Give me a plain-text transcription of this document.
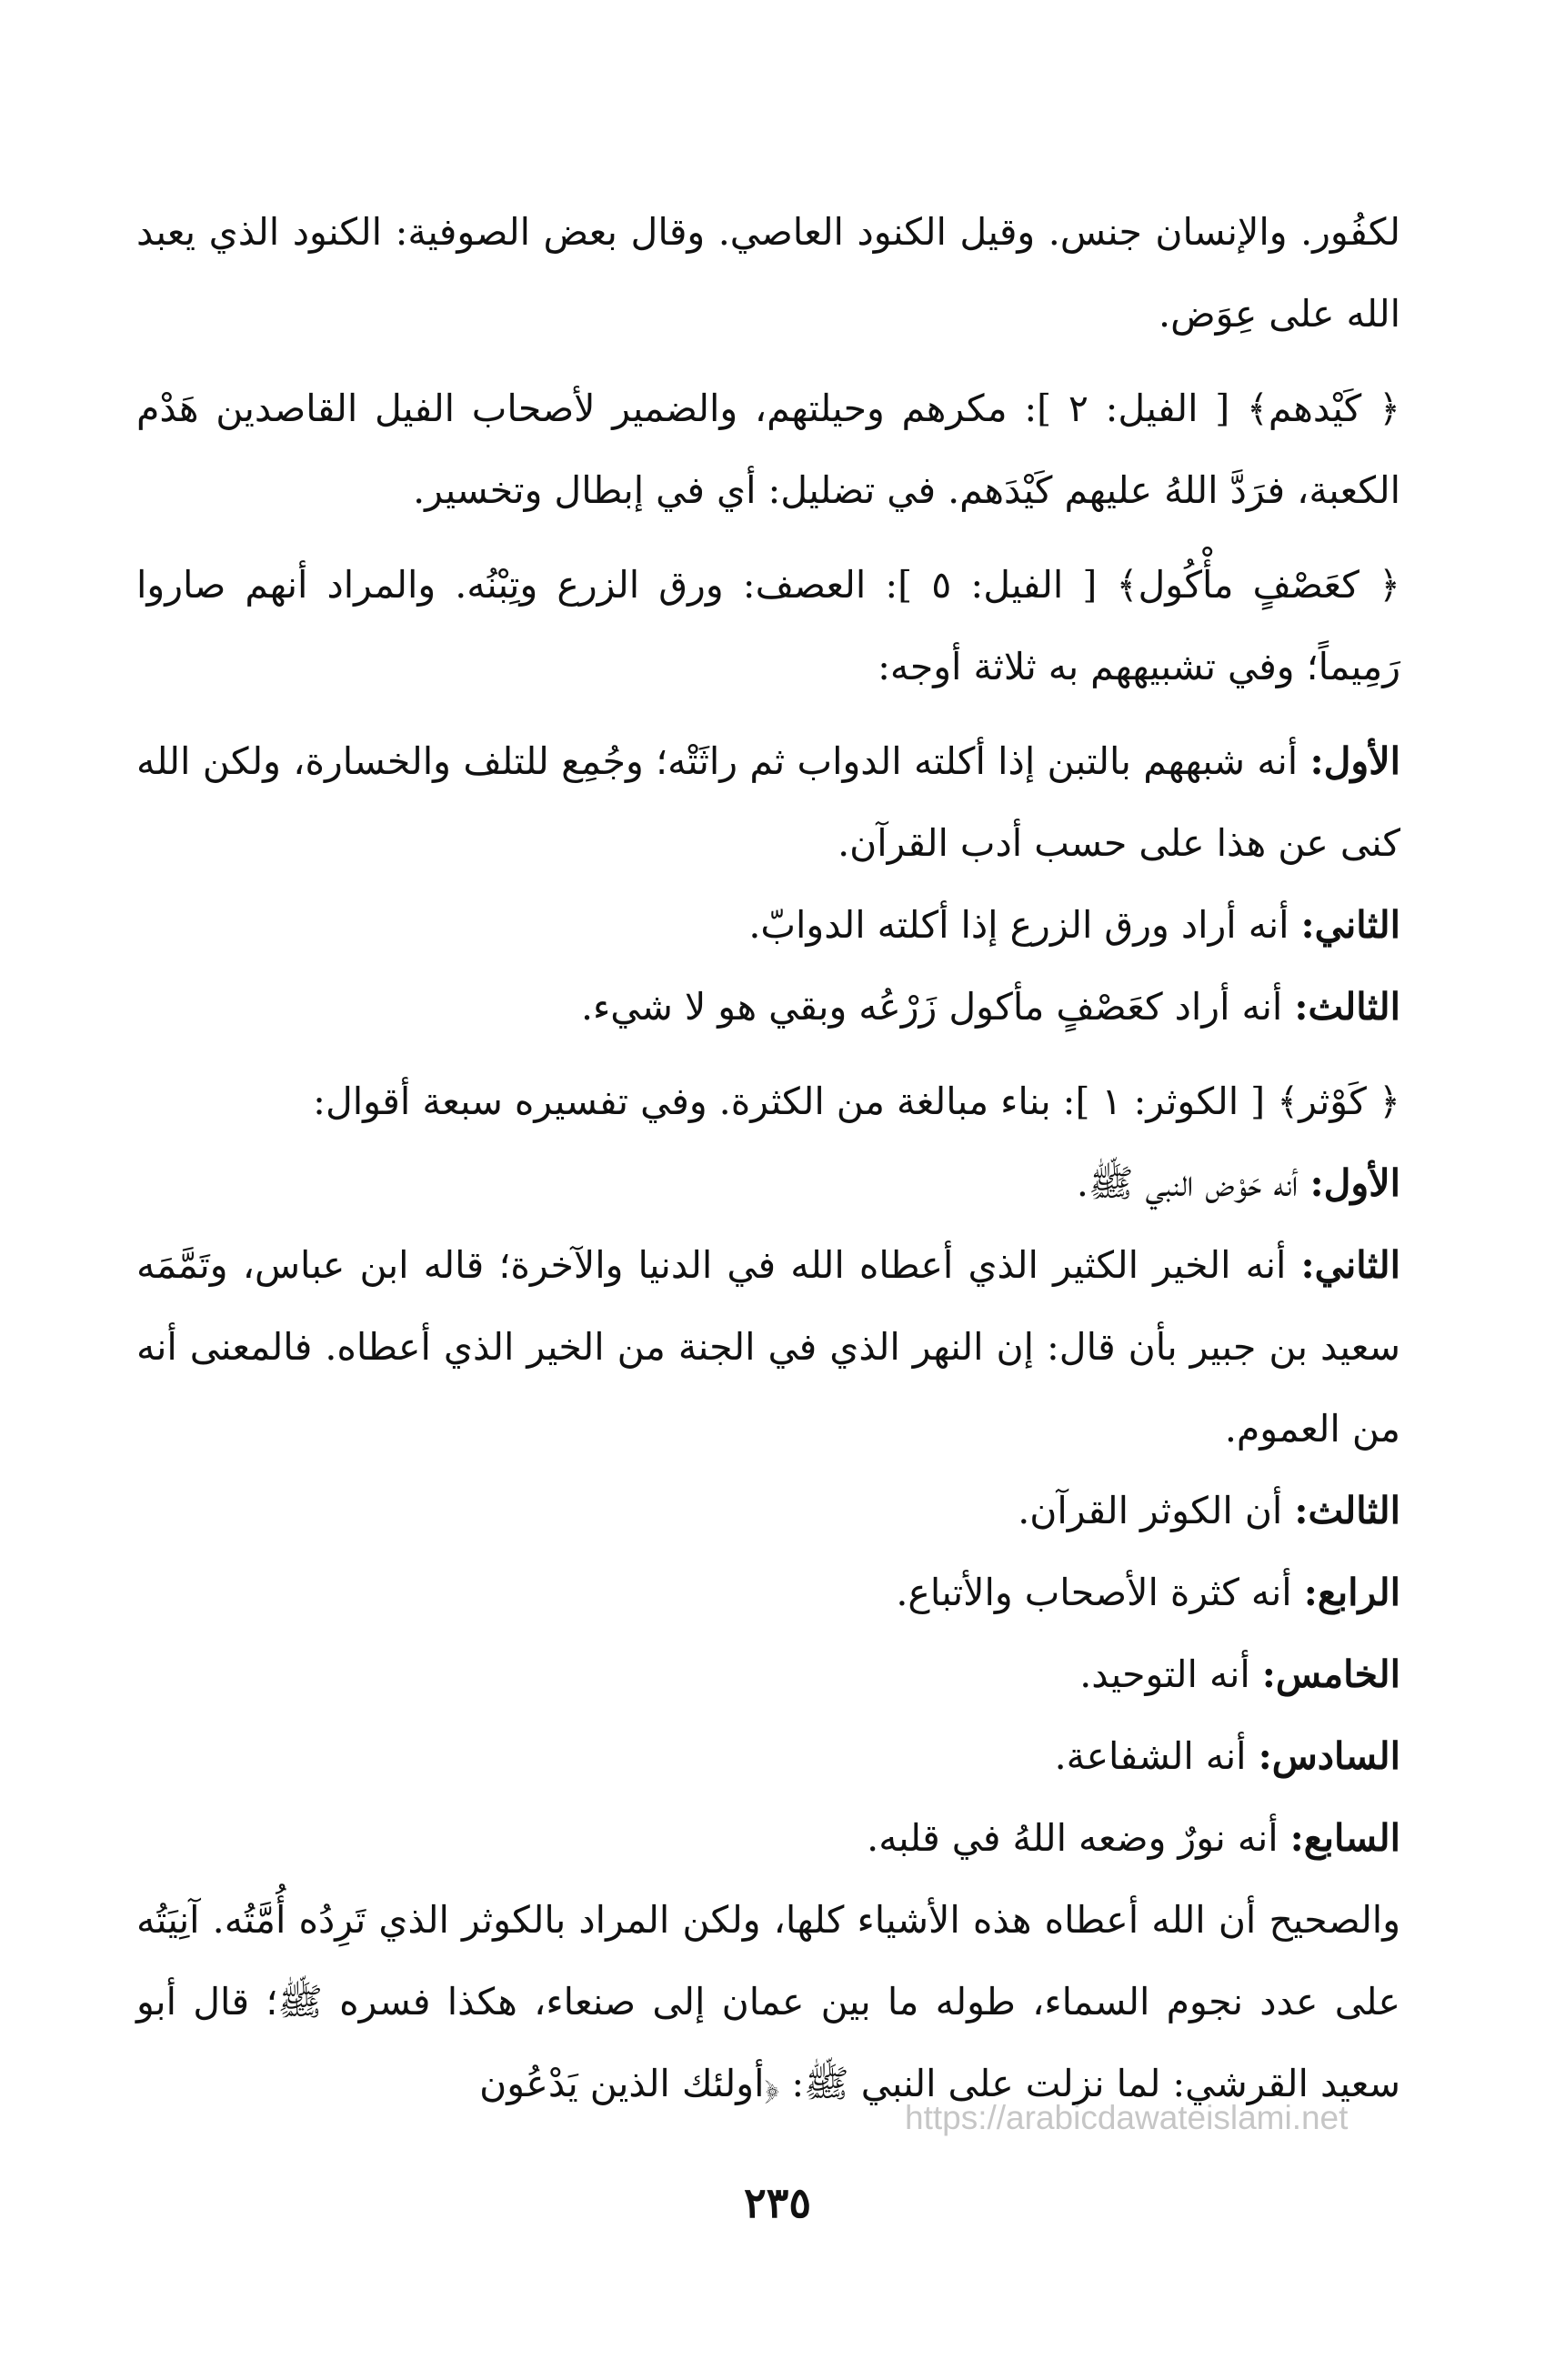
لكفُور. والإنسان جنس. وقيل الكنود العاصي. وقال بعض الصوفية: الكنود الذي يعبد الله على عِوَض.

﴿ كَيْدهم﴾ [ الفيل: ٢ ]: مكرهم وحيلتهم، والضمير لأصحاب الفيل القاصدين هَدْم الكعبة، فرَدَّ اللهُ عليهم كَيْدَهم. في تضليل: أي في إبطال وتخسير.

﴿ كعَصْفٍ مأْكُول﴾ [ الفيل: ٥ ]: العصف: ورق الزرع وتِبْنُه. والمراد أنهم صاروا رَمِيماً؛ وفي تشبيههم به ثلاثة أوجه:

الأول: أنه شبههم بالتبن إذا أكلته الدواب ثم راثَتْه؛ وجُمِع للتلف والخسارة، ولكن الله كنى عن هذا على حسب أدب القرآن.

الثاني: أنه أراد ورق الزرع إذا أكلته الدوابّ.

الثالث: أنه أراد كعَصْفٍ مأكول زَرْعُه وبقي هو لا شيء.

﴿ كَوْثر﴾ [ الكوثر: ١ ]: بناء مبالغة من الكثرة. وفي تفسيره سبعة أقوال:

الأول: أنه حَوْض النبي ﷺ.

الثاني: أنه الخير الكثير الذي أعطاه الله في الدنيا والآخرة؛ قاله ابن عباس، وتَمَّمَه سعيد بن جبير بأن قال: إن النهر الذي في الجنة من الخير الذي أعطاه. فالمعنى أنه من العموم.

الثالث: أن الكوثر القرآن.

الرابع: أنه كثرة الأصحاب والأتباع.

الخامس: أنه التوحيد.

السادس: أنه الشفاعة.

السابع: أنه نورٌ وضعه اللهُ في قلبه.

والصحيح أن الله أعطاه هذه الأشياء كلها، ولكن المراد بالكوثر الذي تَرِدُه أُمَّتُه. آنِيَتُه على عدد نجوم السماء، طوله ما بين عمان إلى صنعاء، هكذا فسره ﷺ؛ قال أبو سعيد القرشي: لما نزلت على النبي ﷺ: ﴿أولئك الذين يَدْعُون

https://arabicdawateislami.net
٢٣٥
